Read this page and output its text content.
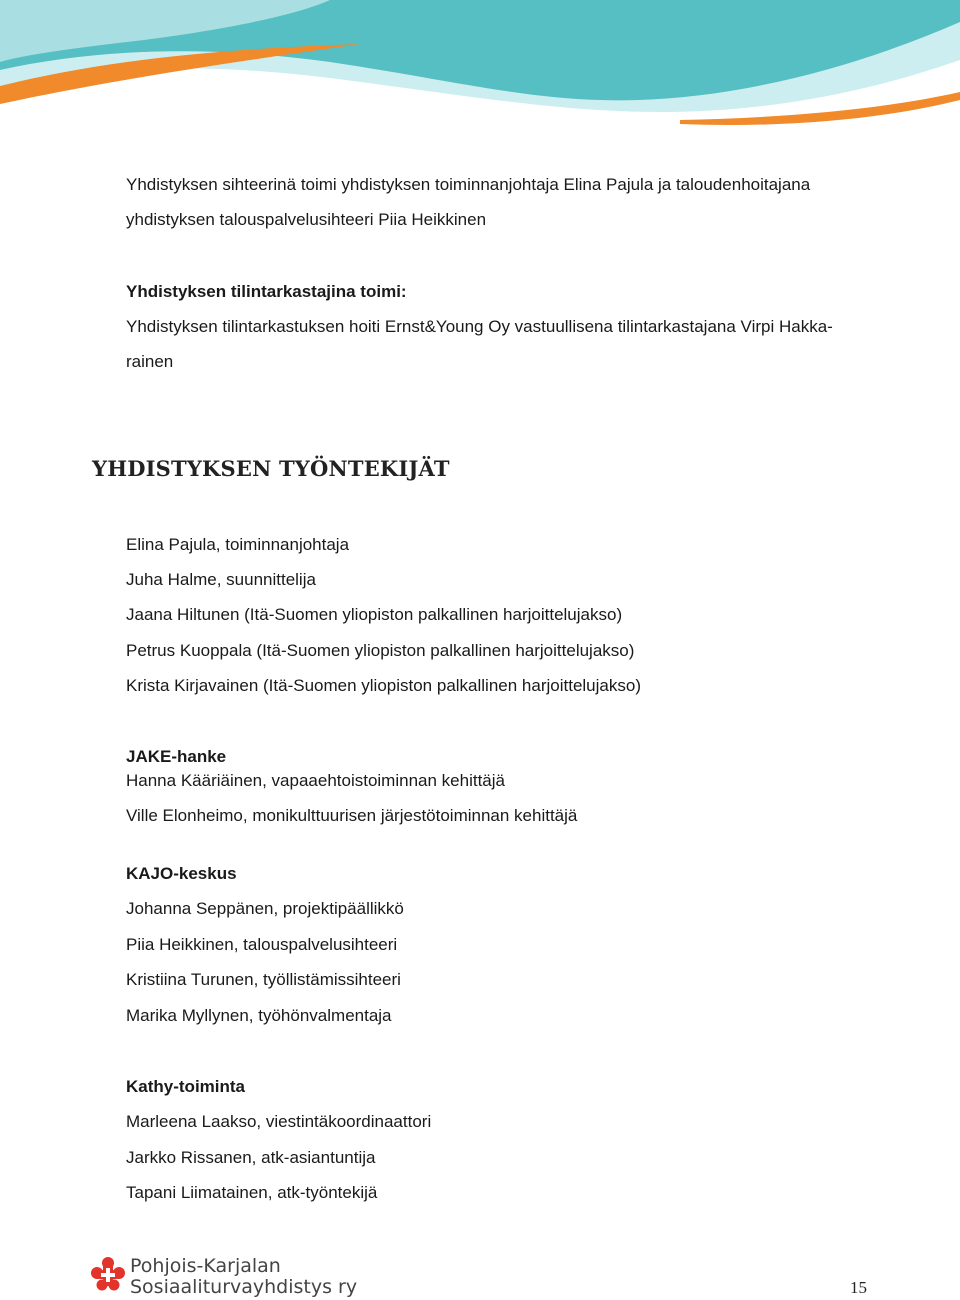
Yhdistyksen sihteerinä toimi yhdistyksen toiminnanjohtaja Elina Pajula ja taloudenhoitajana
yhdistyksen talouspalvelusihteeri Piia Heikkinen
Yhdistyksen tilintarkastajina toimi:
Yhdistyksen tilintarkastuksen hoiti Ernst&Young Oy vastuullisena tilintarkastajana Virpi Hakka-
rainen
YHDISTYKSEN TYÖNTEKIJÄT
Elina Pajula, toiminnanjohtaja
Juha Halme, suunnittelija
Jaana Hiltunen (Itä-Suomen yliopiston palkallinen harjoittelujakso)
Petrus Kuoppala (Itä-Suomen yliopiston palkallinen harjoittelujakso)
Krista Kirjavainen (Itä-Suomen yliopiston palkallinen harjoittelujakso)
JAKE-hanke
Hanna Kääriäinen, vapaaehtoistoiminnan kehittäjä
Ville Elonheimo, monikulttuurisen järjestötoiminnan kehittäjä
KAJO-keskus
Johanna Seppänen, projektipäällikkö
Piia Heikkinen, talouspalvelusihteeri
Kristiina Turunen, työllistämissihteeri
Marika Myllynen, työhönvalmentaja
Kathy-toiminta
Marleena Laakso, viestintäkoordinaattori
Jarkko Rissanen, atk-asiantuntija
Tapani Liimatainen, atk-työntekijä
Pohjois-Karjalan
Sosiaaliturvayhdistys ry	15
